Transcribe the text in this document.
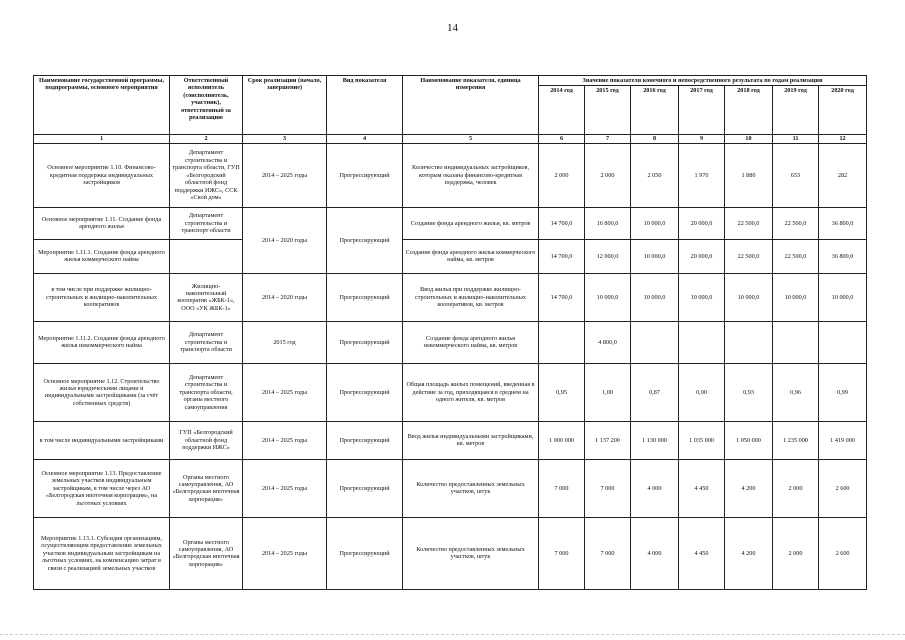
14
Наименование государственной программы, подпрограммы, основного мероприятия	Ответственный исполнитель (соисполнитель, участник), ответственный за реализацию	Срок реализации (начало, завершение)	Вид показателя	Наименование показателя, единица измерения	Значение показателя конечного и непосредственного результата по годам реализации						
					2014 год	2015 год	2016 год	2017 год	2018 год	2019 год	2020 год
1	2	3	4	5	6	7	8	9	10	11	12
Основное мероприятие 1.10. Финансово-кредитная поддержка индивидуальных застройщиков	Департамент строительства и транспорта области, ГУП «Белгородский областной фонд поддержки ИЖС», ССК «Свой дом»	2014 – 2025 годы	Прогрессирующий	Количество индивидуальных застройщиков, которым оказана финансово-кредитная поддержка, человек	2 000	2 000	2 050	1 970	1 880	653	282
Основное мероприятие 1.11. Создание фонда арендного жилья	Департамент строительства и транспорт области	2014 – 2020 годы	Прогрессирующий	Создание фонда арендного жилья, кв. метров	14 700,0	16 800,0	10 000,0	20 000,0	22 500,0	22 500,0	36 800,0
Мероприятие 1.11.1. Создание фонда арендного жилья коммерческого найма				Создание фонда арендного жилья коммерческого найма, кв. метров	14 700,0	12 000,0	10 000,0	20 000,0	22 500,0	22 500,0	36 800,0
в том числе при поддержке жилищно-строительных и жилищно-накопительных кооперативов	Жилищно-накопительный кооператив «ЖБК-1», ООО «УК ЖБК-1»	2014 – 2020 годы	Прогрессирующий	Ввод жилья при поддержке жилищно-строительных и жилищно-накопительных кооперативов, кв. метров	14 700,0	10 000,0	10 000,0	10 000,0	10 000,0	10 000,0	10 000,0
Мероприятие 1.11.2. Создание фонда арендного жилья некоммерческого найма	Департамент строительства и транспорта области	2015 год	Прогрессирующий	Создание фонда арендного жилья некоммерческого найма, кв. метров		4 800,0					
Основное мероприятие 1.12. Строительство жилья юридическими лицами и индивидуальными застройщиками (за счёт собственных средств)	Департамент строительства и транспорта области, органы местного самоуправления	2014 – 2025 годы	Прогрессирующий	Общая площадь жилых помещений, введенная в действие за год, приходящаяся в среднем на одного жителя, кв. метров	0,95	1,00	0,87	0,90	0,93	0,96	0,99
в том числе индивидуальными застройщиками	ГУП «Белгородский областной фонд поддержки ИЖС»	2014 – 2025 годы	Прогрессирующий	Ввод жилья индивидуальными застройщиками, кв. метров	1 000 000	1 137 200	1 130 000	1 035 000	1 050 000	1 235 000	1 419 000
Основное мероприятие 1.13. Предоставление земельных участков индивидуальным застройщикам, в том числе через АО «Белгородская ипотечная корпорация», на льготных условиях	Органы местного самоуправления, АО «Белгородская ипотечная корпорация»	2014 – 2025 годы	Прогрессирующий	Количество предоставленных земельных участков, штук	7 000	7 000	4 000	4 450	4 200	2 000	2 600
Мероприятие 1.13.1. Субсидия организациям, осуществляющим предоставление земельных участков индивидуальным застройщикам на льготных условиях, на компенсацию затрат в связи с реализацией земельных участков	Органы местного самоуправления, АО «Белгородская ипотечная корпорация»	2014 – 2025 годы	Прогрессирующий	Количество предоставленных земельных участков, штук	7 000	7 000	4 000	4 450	4 200	2 000	2 600
